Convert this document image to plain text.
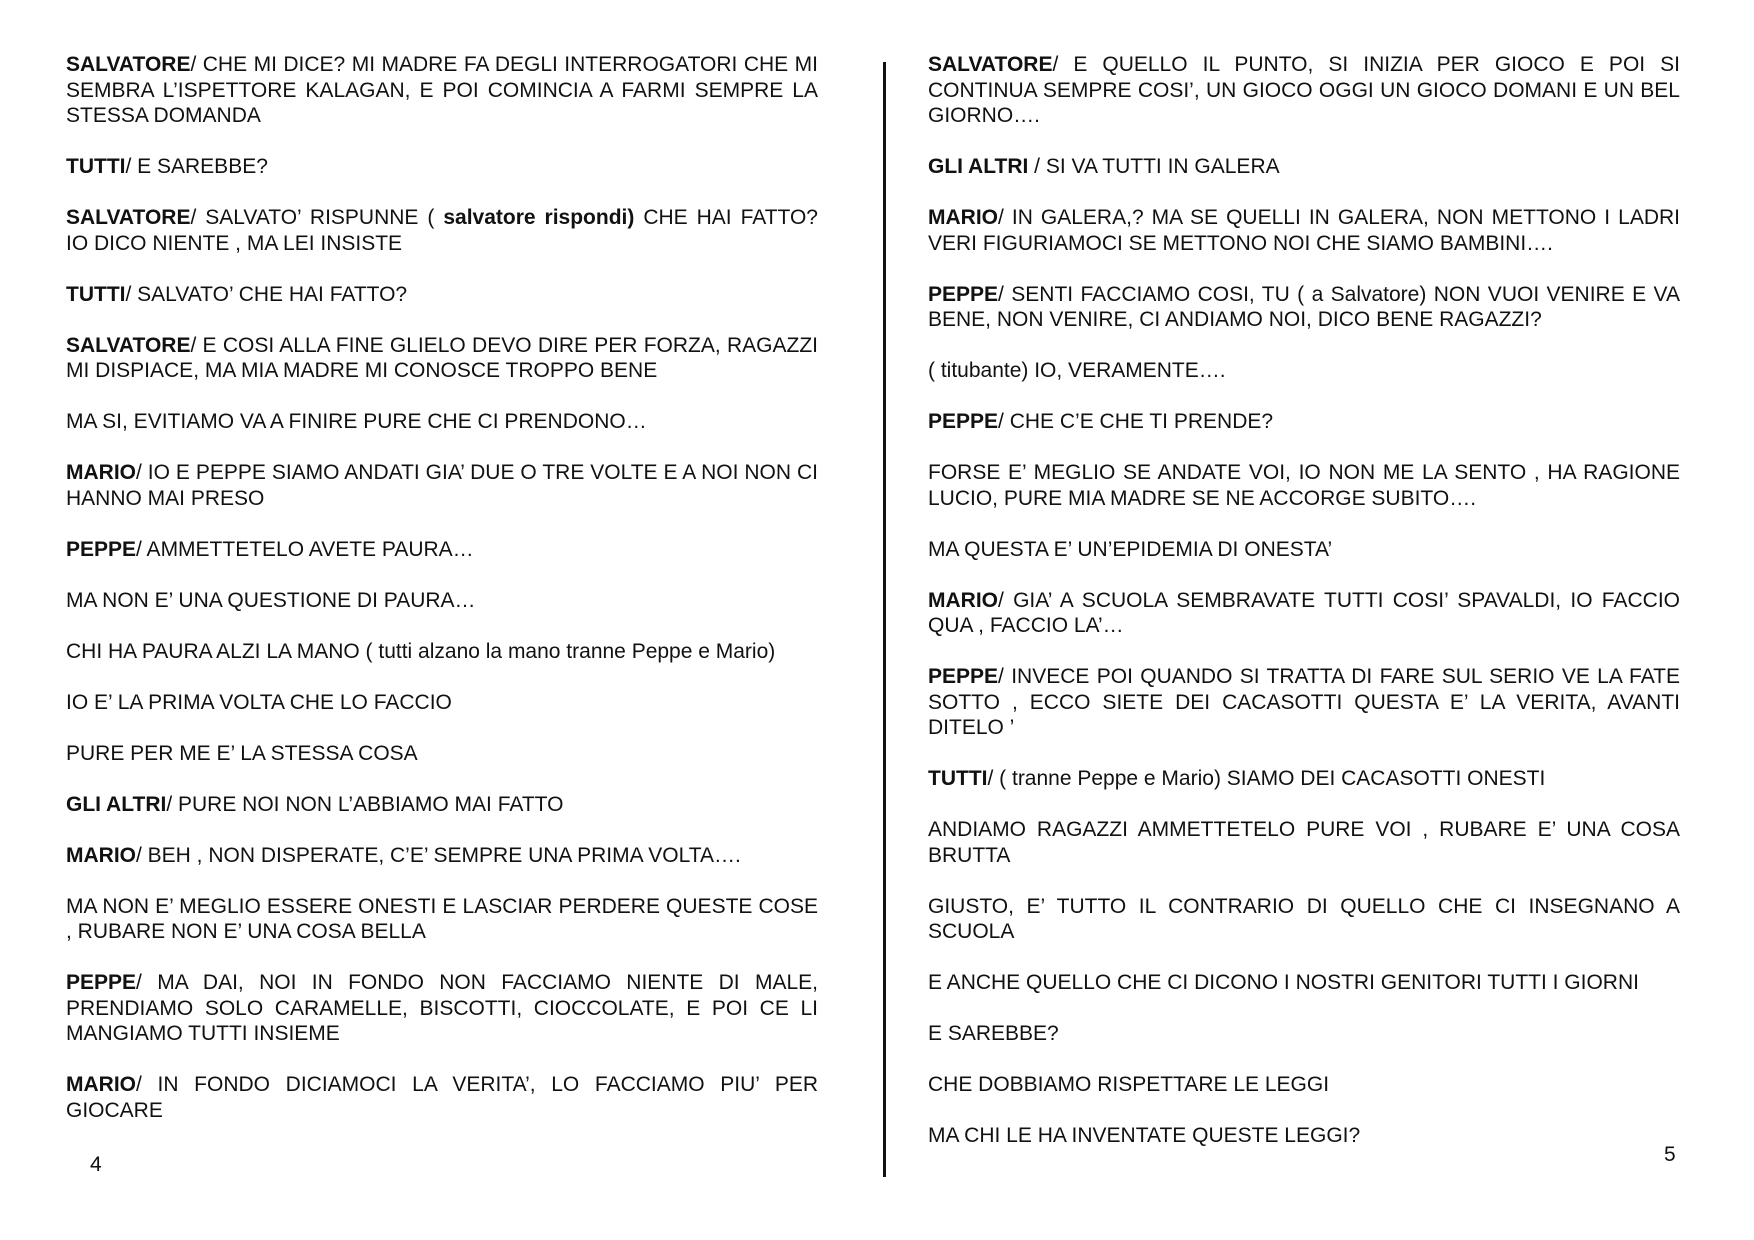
SALVATORE/ CHE MI DICE? MI MADRE FA DEGLI INTERROGATORI CHE MI SEMBRA L’ISPETTORE KALAGAN, E POI COMINCIA A FARMI SEMPRE LA STESSA DOMANDA

TUTTI/ E SAREBBE?

SALVATORE/ SALVATO’ RISPUNNE ( salvatore rispondi) CHE HAI FATTO? IO DICO NIENTE , MA LEI INSISTE

TUTTI/ SALVATO’ CHE HAI FATTO?

SALVATORE/ E COSI ALLA FINE GLIELO DEVO DIRE PER FORZA, RAGAZZI MI DISPIACE, MA MIA MADRE MI CONOSCE TROPPO BENE

MA SI, EVITIAMO VA A FINIRE PURE CHE CI PRENDONO…

MARIO/ IO E PEPPE SIAMO ANDATI GIA’ DUE O TRE VOLTE E A NOI NON CI HANNO MAI PRESO

PEPPE/ AMMETTETELO AVETE PAURA…

MA NON E’ UNA QUESTIONE DI PAURA…

CHI HA PAURA ALZI LA MANO ( tutti alzano la mano tranne Peppe e Mario)

IO E’ LA PRIMA VOLTA CHE LO FACCIO

PURE PER ME E’ LA STESSA COSA

GLI ALTRI/ PURE NOI NON L’ABBIAMO MAI FATTO

MARIO/ BEH , NON DISPERATE, C’E’ SEMPRE UNA PRIMA VOLTA….

MA NON E’ MEGLIO ESSERE ONESTI E LASCIAR PERDERE QUESTE COSE , RUBARE NON E’ UNA COSA BELLA

PEPPE/ MA DAI, NOI IN FONDO NON FACCIAMO NIENTE DI MALE, PRENDIAMO SOLO CARAMELLE, BISCOTTI, CIOCCOLATE, E POI CE LI MANGIAMO TUTTI INSIEME

MARIO/ IN FONDO DICIAMOCI LA VERITA’, LO FACCIAMO PIU’ PER GIOCARE

4

SALVATORE/ E QUELLO IL PUNTO, SI INIZIA PER GIOCO E POI SI CONTINUA SEMPRE COSI’, UN GIOCO OGGI UN GIOCO DOMANI E UN BEL GIORNO….

GLI ALTRI / SI VA TUTTI IN GALERA

MARIO/ IN GALERA,? MA SE QUELLI IN GALERA, NON METTONO I LADRI VERI FIGURIAMOCI SE METTONO NOI CHE SIAMO BAMBINI….

PEPPE/ SENTI FACCIAMO COSI, TU ( a Salvatore) NON VUOI VENIRE E VA BENE, NON VENIRE, CI ANDIAMO NOI, DICO BENE RAGAZZI?

( titubante) IO, VERAMENTE….

PEPPE/ CHE C’E CHE TI PRENDE?

FORSE E’ MEGLIO SE ANDATE VOI, IO NON ME LA SENTO , HA RAGIONE LUCIO, PURE MIA MADRE SE NE ACCORGE SUBITO….

MA QUESTA E’ UN’EPIDEMIA DI ONESTA’

MARIO/ GIA’ A SCUOLA SEMBRAVATE TUTTI COSI’ SPAVALDI, IO FACCIO QUA , FACCIO LA’…

PEPPE/ INVECE POI QUANDO SI TRATTA DI FARE SUL SERIO VE LA FATE SOTTO , ECCO SIETE DEI CACASOTTI QUESTA E’ LA VERITA, AVANTI DITELO ’

TUTTI/ ( tranne Peppe e Mario) SIAMO DEI CACASOTTI ONESTI

ANDIAMO RAGAZZI AMMETTETELO PURE VOI , RUBARE E’ UNA COSA BRUTTA

GIUSTO, E’ TUTTO IL CONTRARIO DI QUELLO CHE CI INSEGNANO A SCUOLA

E ANCHE QUELLO CHE CI DICONO I NOSTRI GENITORI TUTTI I GIORNI

E SAREBBE?

CHE DOBBIAMO RISPETTARE LE LEGGI

MA CHI LE HA INVENTATE QUESTE LEGGI?

5
